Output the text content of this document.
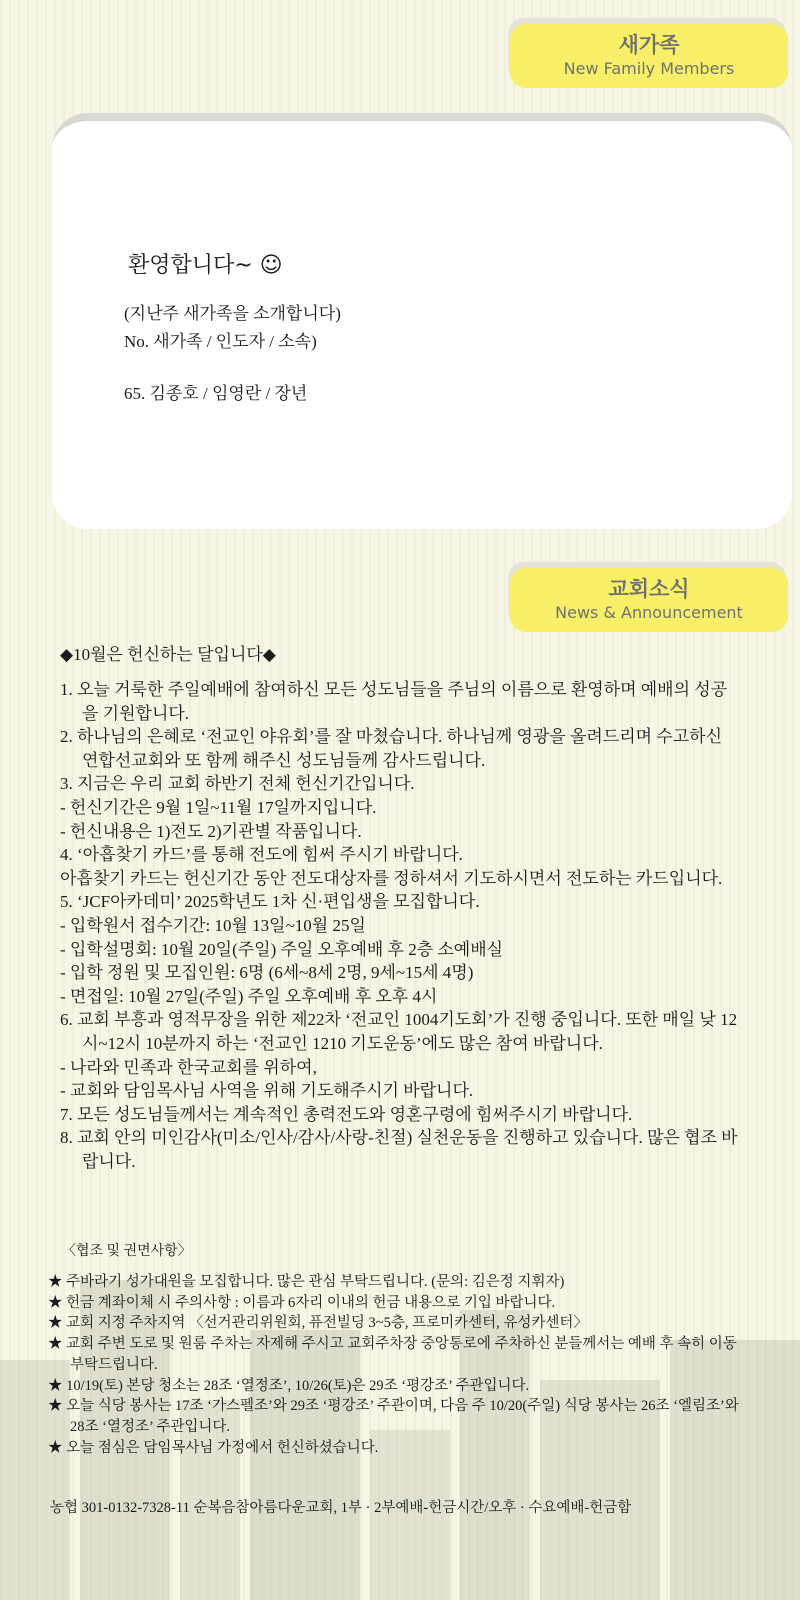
새가족
New Family Members
환영합니다~ ☺
(지난주 새가족을 소개합니다)
No. 새가족 / 인도자 / 소속)
65. 김종호 / 임영란 / 장년
교회소식
News & Announcement
◆10월은 헌신하는 달입니다◆
1. 오늘 거룩한 주일예배에 참여하신 모든 성도님들을 주님의 이름으로 환영하며 예배의 성공을 기원합니다.
2. 하나님의 은혜로 ‘전교인 야유회’를 잘 마쳤습니다. 하나님께 영광을 올려드리며 수고하신 연합선교회와 또 함께 해주신 성도님들께 감사드립니다.
3. 지금은 우리 교회 하반기 전체 헌신기간입니다.
- 헌신기간은 9월 1일~11월 17일까지입니다.
- 헌신내용은 1)전도 2)기관별 작품입니다.
4. ‘아흡찾기 카드’를 통해 전도에 힘써 주시기 바랍니다.
아흡찾기 카드는 헌신기간 동안 전도대상자를 정하셔서 기도하시면서 전도하는 카드입니다.
5. ‘JCF아카데미’ 2025학년도 1차 신·편입생을 모집합니다.
- 입학원서 접수기간: 10월 13일~10월 25일
- 입학설명회: 10월 20일(주일) 주일 오후예배 후 2층 소예배실
- 입학 정원 및 모집인원: 6명 (6세~8세 2명, 9세~15세 4명)
- 면접일: 10월 27일(주일) 주일 오후예배 후 오후 4시
6. 교회 부흥과 영적무장을 위한 제22차 ‘전교인 1004기도회’가 진행 중입니다. 또한 매일 낮 12시~12시 10분까지 하는 ‘전교인 1210 기도운동’에도 많은 참여 바랍니다.
- 나라와 민족과 한국교회를 위하여,
- 교회와 담임목사님 사역을 위해 기도해주시기 바랍니다.
7. 모든 성도님들께서는 계속적인 총력전도와 영혼구령에 힘써주시기 바랍니다.
8. 교회 안의 미인감사(미소/인사/감사/사랑-친절) 실천운동을 진행하고 있습니다. 많은 협조 바랍니다.
〈협조 및 권면사항〉
★ 주바라기 성가대원을 모집합니다. 많은 관심 부탁드립니다. (문의: 김은정 지휘자)
★ 헌금 계좌이체 시 주의사항 : 이름과 6자리 이내의 헌금 내용으로 기입 바랍니다.
★ 교회 지정 주차지역 〈선거관리위원회, 퓨전빌딩 3~5층, 프로미카센터, 유성카센터〉
★ 교회 주변 도로 및 원룸 주차는 자제해 주시고 교회주차장 중앙통로에 주차하신 분들께서는 예배 후 속히 이동 부탁드립니다.
★ 10/19(토) 본당 청소는 28조 ‘열정조’, 10/26(토)은 29조 ‘평강조’ 주관입니다.
★ 오늘 식당 봉사는 17조 ‘가스펠조’와 29조 ‘평강조’ 주관이며, 다음 주 10/20(주일) 식당 봉사는 26조 ‘엘림조’와 28조 ‘열정조’ 주관입니다.
★ 오늘 점심은 담임목사님 가정에서 헌신하셨습니다.
농협 301-0132-7328-11 순복음참아름다운교회, 1부 · 2부예배-헌금시간/오후 · 수요예배-헌금함
